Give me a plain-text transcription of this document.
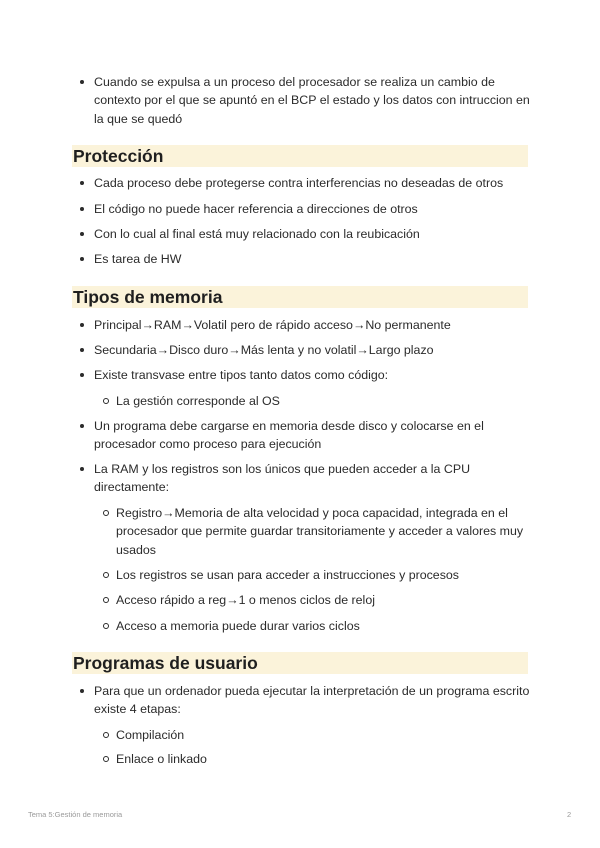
Cuando se expulsa a un proceso del procesador se realiza un cambio de contexto por el que se apuntó en el BCP el estado y los datos con intruccion en la que se quedó
Protección
Cada proceso debe protegerse contra interferencias no deseadas de otros
El código no puede hacer referencia a direcciones de otros
Con lo cual al final está muy relacionado con la reubicación
Es tarea de HW
Tipos de memoria
Principal→RAM→Volatil pero de rápido acceso→No permanente
Secundaria→Disco duro→Más lenta y no volatil→Largo plazo
Existe transvase entre tipos tanto datos como código:
La gestión corresponde al OS
Un programa debe cargarse en memoria desde disco y colocarse en el procesador como proceso para ejecución
La RAM y los registros son los únicos que pueden acceder a la CPU directamente:
Registro→Memoria de alta velocidad y poca capacidad, integrada en el procesador que permite guardar transitoriamente y acceder a valores muy usados
Los registros se usan para acceder a instrucciones y procesos
Acceso rápido a reg→1 o menos ciclos de reloj
Acceso a memoria puede durar varios ciclos
Programas de usuario
Para que un ordenador pueda ejecutar la interpretación de un programa escrito existe 4 etapas:
Compilación
Enlace o linkado
Tema 5:Gestión de memoria	2
